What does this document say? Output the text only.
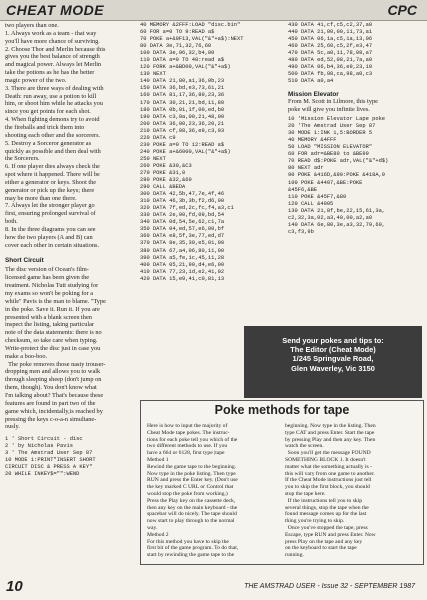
CHEAT MODE	CPC

two players than one.
1. Always work as a team - that way
you'll have more chance of surviving.
2. Choose Thor and Merlin because this
gives you the best balance of strength
and magical power. Always let Merlin
take the potions as he has the better
magic power of the two.
3. There are three ways of dealing with
Death: run away, use a potion to kill
him, or shoot him while he attacks you
since you get points for each shot.
4. When fighting demons try to avoid
the fireballs and trick them into
shooting each other and the sorcerers.
5. Destroy a Sorceror generator as
quickly as possible and then deal with
the Sorcerers.
6. If one player dies always check the
spot where it happened. There will be
either a generator or keys. Shoot the
generator or pick up the keys; there
may be more than one there.
7. Always let the stronger player go
first, ensuring prolonged survival of
both.
8. In the three diagrams you can see
how the two players (A and B) can
cover each other in certain situations.

Short Circuit

The disc version of Ocean's film-
licensed game has been given the
treatment. Nicholas Tutt studying for
my exams so won't be poking for a
while" Pavis is the man to blame. "Type
in the poke. Save it. Run it. If you are
presented with a blank screen then
inspect the listing, taking particular
note of the data statements: there is no
checksum, so take care when typing.
Write-protect the disc just in case you
make a boo-boo.
The poke removes those nasty trouser-
dropping men and allows you to walk
through sleeping sheep (don't jump on
them, though). You don't know what
I'm talking about? That's because these
features are found in part two of the
game which, incidentally,is reached by
pressing the keys c-o-a-n simultane-
ously.

1 ' Short Circuit - disc
2 ' by Nicholas Pavis
3 ' The Amstrad User Sep 87
10 MODE 1:PRINT"INSERT SHORT
CIRCUIT DISC & PRESS A KEY"
20 WHILE INKEY$="":WEND
40 MEMORY &2FFF:LOAD "disc.bin"
60 FOR a=0 TO 9:READ a$
70 POKE a+&9F13,VAL("&"+a$):NEXT
80 DATA 3e,71,32,76,60
100 DATA 3e,96,32,b4,00
110 DATA a=0 TO 48:read a$
120 FORK a+&BD00,VAL("&"+a$)
130 NEXT
140 DATA 21,80,a1,36,0b,23
150 DATA 36,bd,e3,73,61,21
160 DATA 81,17,36,80,23,36
170 DATA 30,21,21,bd,11,80
180 DATA 0b,01,1f,00,ed,b0
190 DATA c3,0a,00,21,48,00
200 DATA 36,00,23,36,20,21
210 DATA cf,08,36,e9,c3,03
220 DATA c9
230 POKE a=0 TO 12:READ a$
240 POKE a+&6000,VAL("&"+a$)
250 NEXT
260 POKE &30,&C3
270 POKE &31,0
280 POKE &32,&60
290 CALL &BEDA
300 DATA 42,5b,47,7e,4f,46
310 DATA 46,3b,3b,f2,d6,00
320 DATA 7f,ed,2c,fc,f4,a3,c1
330 DATA 2e,00,fd,09,bd,54
340 DATA 0d,54,5e,62,c1,7a
350 DATA 04,ed,57,e6,00,bf
360 DATA e8,5f,3e,77,ed,d7
370 DATA 8e,35,30,e5,01,00
380 DATA 67,a4,06,80,11,00
390 DATA a5,fe,1c,45,11,28
400 DATA 05,21,90,d4,e6,00
410 DATA 77,23,1d,e2,41,02
420 DATA 15,e9,41,c0,81,13
430 DATA 41,cf,c5,c2,37,a0
440 DATA 21,00,00,11,73,a1
450 DATA 06,1a,c5,1a,13,06
460 DATA 25,60,c5,2f,e3,47
470 DATA 5c,a0,11,78,08,a7
480 DATA ed,52,08,21,7a,a0
490 DATA 06,b4,36,e9,23,10
500 DATA fb,08,ca,98,a0,c3
510 DATA a0,a4

Mission Elevator

From M. Scott in Lilmore, this type
poke will give you infinite lives.

10 'Mission Elevator Lape poke
20 'The Amstrad User Sep 87
30 MODE 1:INK 1,5:BORDER 5
40 MEMORY &4FFF
50 LOAD "MISSION ELEVATOR"
60 FOR adr=&BE80 to &BE99
70 READ d$:POKE adr,VAL("&"+d$)
80 NEXT adr
90 POKE &416D,&90:POKE &418A,9
100 POKE &4407,&BE:POKE
&45F6,&BE
110 POKE &45F7,&80
120 CALL &4005
130 DATA 21,8f,be,22,15,61,3a,
c2,32,3a,02,a3,40,00,a2,a0
140 DATA 6e,80,3e,a3,32,79,60,
c3,f3,9b
Send your pokes and tips to:
The Editor (Cheat Mode)
1/245 Springvale Road,
Glen Waverley, Vic 3150
Poke methods for tape
Here is how to input the majority of
Cheat Mode tape pokes. The instruc-
tions for each poke tell you which of the
two different methods to use. If you
have a 664 or 6128, first type |tape
Method 1
Rewind the game tape to the beginning.
Now type in the poke listing. Then type
RUN and press the Enter key. (Don't use
the key marked C URL or Control that
would stop the poke from working.)
Press the Play key on the cassette deck,
then any key on the main keyboard - the
spacebar will do nicely. The tape should
now start to play through to the normal
way.
Method 2
For this method you have to skip the
first bit of the game program. To do that,
start by rewinding the game tape to the
beginning. Now type in the listing. Then
type CAT and press Enter. Start the tape
by pressing Play and then any key. Then
watch the screen.
Soon you'll get the message FOUND
SOMETHING BLOCK 1. It doesn't
matter what the something actually is -
this will vary from one game to another.
If the Cheat Mode instructions just tell
you to skip the first block, you should
stop the tape here.
If the instructions tell you to skip
several things, stop the tape when the
found message comes up for the last
thing you're trying to skip.
Once you've stopped the tape, press
Escape, type RUN and press Enter. Now
press Play on the tape and any key
on the keyboard to start the tape
running.
10	THE AMSTRAD USER - Issue 32 - SEPTEMBER 1987
